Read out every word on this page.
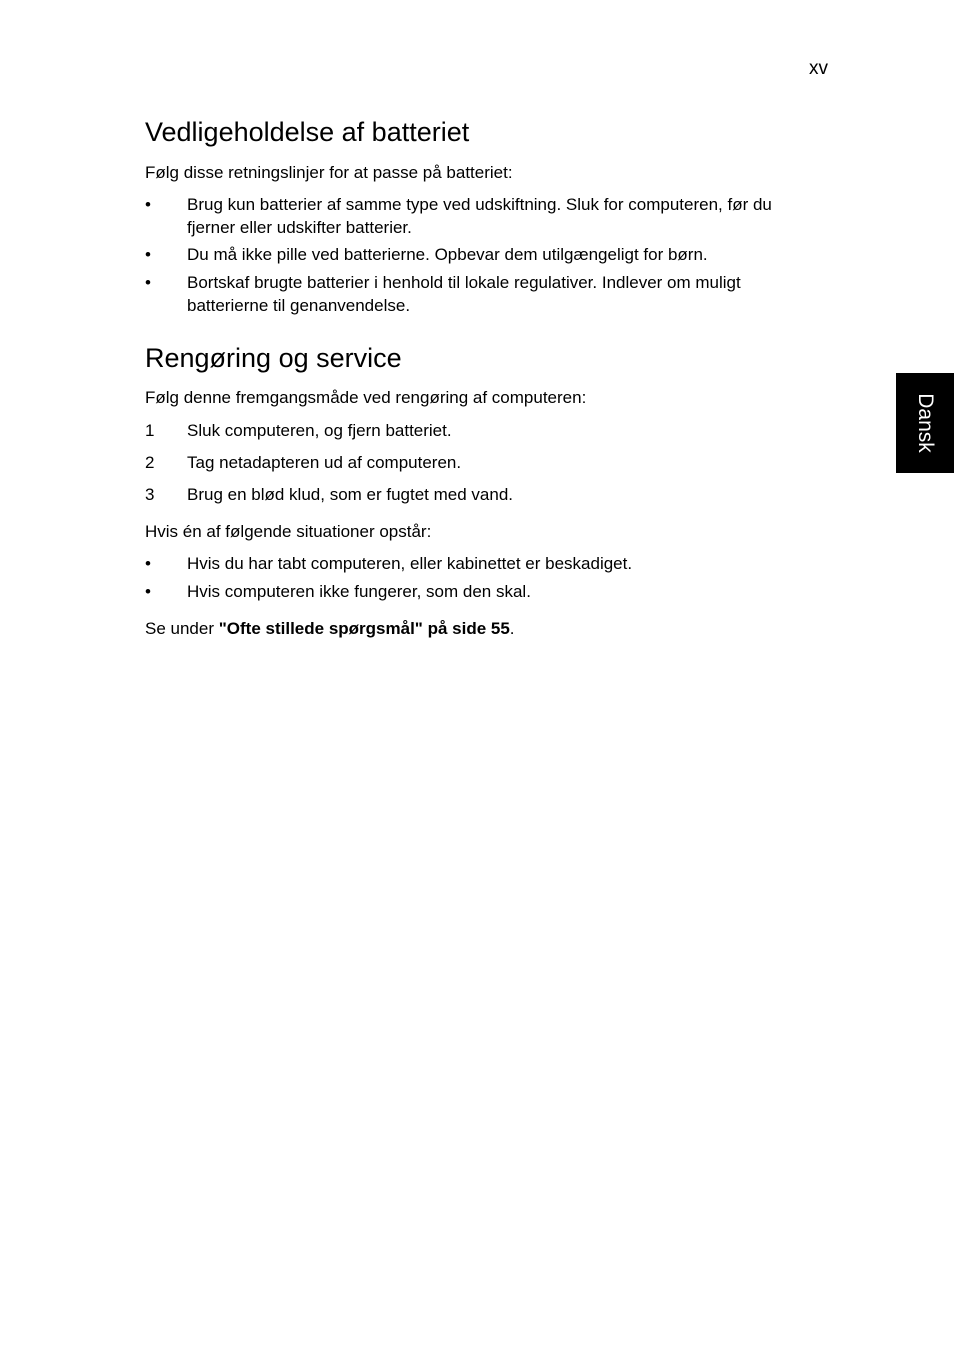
xv
Dansk
Vedligeholdelse af batteriet
Følg disse retningslinjer for at passe på batteriet:
•	Brug kun batterier af samme type ved udskiftning. Sluk for computeren, før du
fjerner eller udskifter batterier.
•	Du må ikke pille ved batterierne. Opbevar dem utilgængeligt for børn.
•	Bortskaf brugte batterier i henhold til lokale regulativer. Indlever om muligt
batterierne til genanvendelse.
Rengøring og service
Følg denne fremgangsmåde ved rengøring af computeren:
1	Sluk computeren, og fjern batteriet.
2	Tag netadapteren ud af computeren.
3	Brug en blød klud, som er fugtet med vand.
Hvis én af følgende situationer opstår:
•	Hvis du har tabt computeren, eller kabinettet er beskadiget.
•	Hvis computeren ikke fungerer, som den skal.
Se under "Ofte stillede spørgsmål" på side 55.
